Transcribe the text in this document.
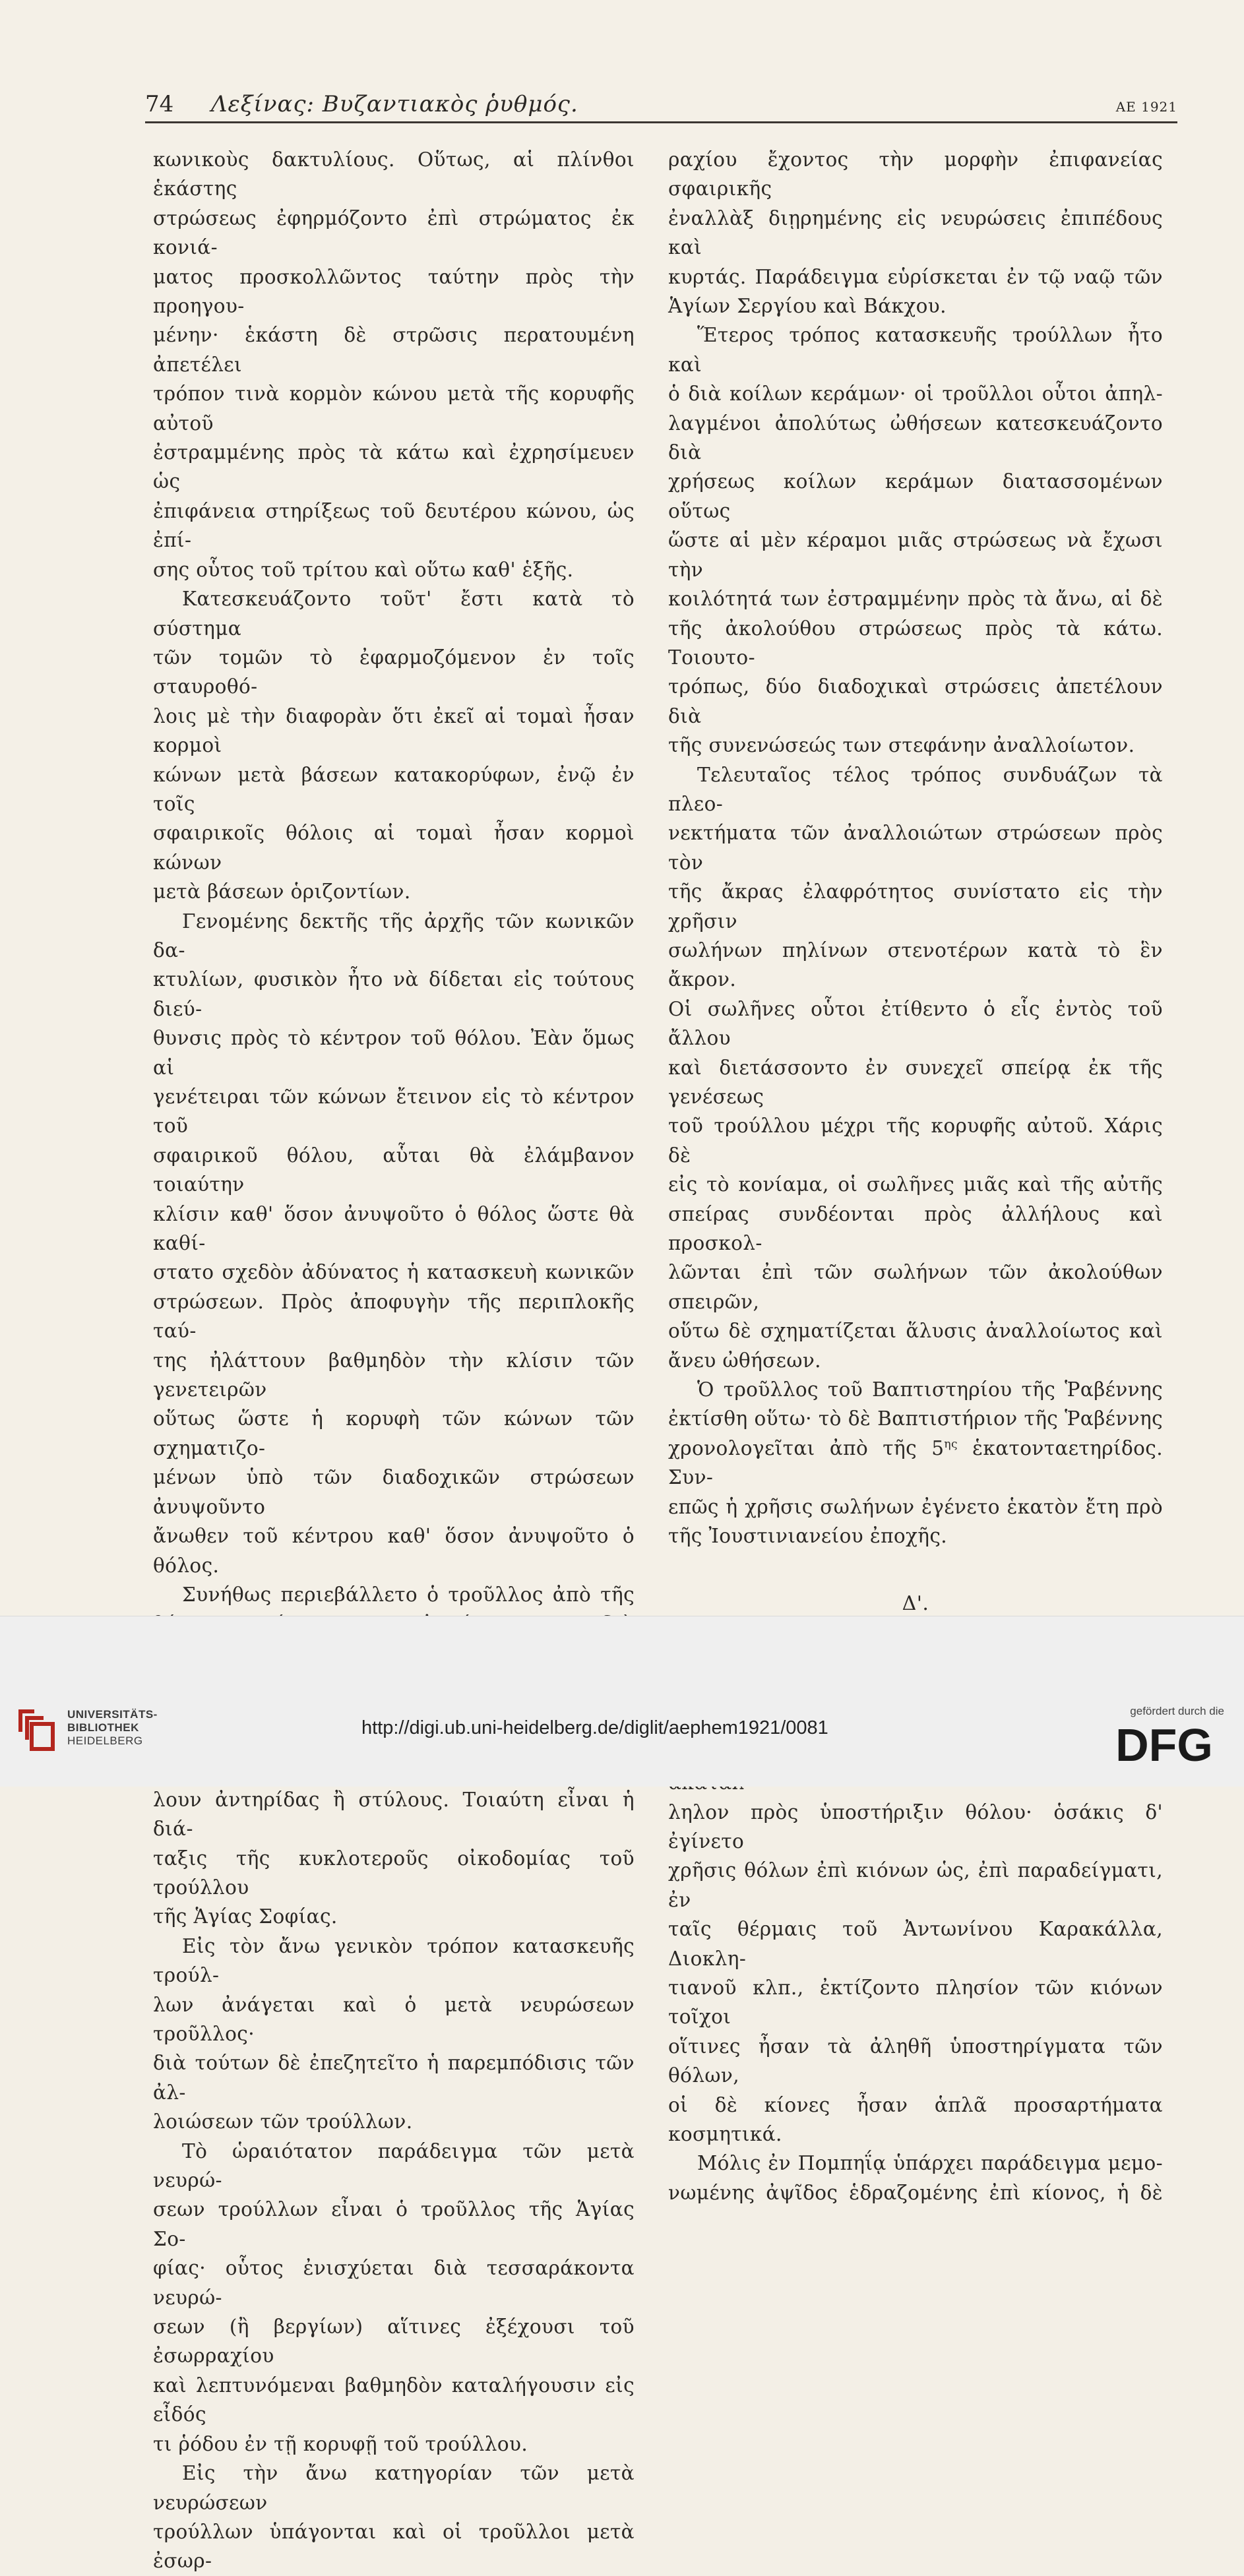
74 Λεξίνας: Βυζαντιακὸς ῥυθμός.	ΑΕ 1921

κωνικοὺς δακτυλίους. Οὕτως, αἱ πλίνθοι ἑκάστης

στρώσεως ἐφηρμόζοντο ἐπὶ στρώματος ἐκ κονιά-

ματος προσκολλῶντος ταύτην πρὸς τὴν προηγου-

μένην· ἑκάστη δὲ στρῶσις περατουμένη ἀπετέλει

τρόπον τινὰ κορμὸν κώνου μετὰ τῆς κορυφῆς αὐτοῦ

ἐστραμμένης πρὸς τὰ κάτω καὶ ἐχρησίμευεν ὡς

ἐπιφάνεια στηρίξεως τοῦ δευτέρου κώνου, ὡς ἐπί-

σης οὗτος τοῦ τρίτου καὶ οὕτω καθ' ἑξῆς.

Κατεσκευάζοντο τοῦτ' ἔστι κατὰ τὸ σύστημα

τῶν τομῶν τὸ ἐφαρμοζόμενον ἐν τοῖς σταυροθό-

λοις μὲ τὴν διαφορὰν ὅτι ἐκεῖ αἱ τομαὶ ἦσαν κορμοὶ

κώνων μετὰ βάσεων κατακορύφων, ἐνῷ ἐν τοῖς

σφαιρικοῖς θόλοις αἱ τομαὶ ἦσαν κορμοὶ κώνων

μετὰ βάσεων ὁριζοντίων.

Γενομένης δεκτῆς τῆς ἀρχῆς τῶν κωνικῶν δα-

κτυλίων, φυσικὸν ἦτο νὰ δίδεται εἰς τούτους διεύ-

θυνσις πρὸς τὸ κέντρον τοῦ θόλου. Ἐὰν ὅμως αἱ

γενέτειραι τῶν κώνων ἔτεινον εἰς τὸ κέντρον τοῦ

σφαιρικοῦ θόλου, αὗται θὰ ἐλάμβανον τοιαύτην

κλίσιν καθ' ὅσον ἀνυψοῦτο ὁ θόλος ὥστε θὰ καθί-

στατο σχεδὸν ἀδύνατος ἡ κατασκευὴ κωνικῶν

στρώσεων. Πρὸς ἀποφυγὴν τῆς περιπλοκῆς ταύ-

της ἠλάττουν βαθμηδὸν τὴν κλίσιν τῶν γενετειρῶν

οὕτως ὥστε ἡ κορυφὴ τῶν κώνων τῶν σχηματιζο-

μένων ὑπὸ τῶν διαδοχικῶν στρώσεων ἀνυψοῦντο

ἄνωθεν τοῦ κέντρου καθ' ὅσον ἀνυψοῦτο ὁ θόλος.

Συνήθως περιεβάλλετο ὁ τροῦλλος ἀπὸ τῆς

λουν ἀντηρίδας ἢ στύλους. Τοιαύτη εἶναι ἡ διά-

ταξις τῆς κυκλοτεροῦς οἰκοδομίας τοῦ τρούλλου

τῆς Ἁγίας Σοφίας.

Εἰς τὸν ἄνω γενικὸν τρόπον κατασκευῆς τρούλ-

λων ἀνάγεται καὶ ὁ μετὰ νευρώσεων τροῦλλος·

διὰ τούτων δὲ ἐπεζητεῖτο ἡ παρεμπόδισις τῶν ἀλ-

λοιώσεων τῶν τρούλλων.

Τὸ ὡραιότατον παράδειγμα τῶν μετὰ νευρώ-

σεων τρούλλων εἶναι ὁ τροῦλλος τῆς Ἁγίας Σο-

φίας· οὗτος ἐνισχύεται διὰ τεσσαράκοντα νευρώ-

σεων (ἢ βεργίων) αἵτινες ἐξέχουσι τοῦ ἐσωρραχίου

καὶ λεπτυνόμεναι βαθμηδὸν καταλήγουσιν εἰς εἶδός

τι ῥόδου ἐν τῇ κορυφῇ τοῦ τρούλλου.

Εἰς τὴν ἄνω κατηγορίαν τῶν μετὰ νευρώσεων

τρούλλων ὑπάγονται καὶ οἱ τροῦλλοι μετὰ ἐσωρ-

ραχίου ἔχοντος τὴν μορφὴν ἐπιφανείας σφαιρικῆς

ἐναλλὰξ διῃρημένης εἰς νευρώσεις ἐπιπέδους καὶ

κυρτάς. Παράδειγμα εὑρίσκεται ἐν τῷ ναῷ τῶν

Ἁγίων Σεργίου καὶ Βάκχου.

Ἕτερος τρόπος κατασκευῆς τρούλλων ἦτο καὶ

ὁ διὰ κοίλων κεράμων· οἱ τροῦλλοι οὗτοι ἀπηλ-

λαγμένοι ἀπολύτως ὠθήσεων κατεσκευάζοντο διὰ

χρήσεως κοίλων κεράμων διατασσομένων οὕτως

ὥστε αἱ μὲν κέραμοι μιᾶς στρώσεως νὰ ἔχωσι τὴν

κοιλότητά των ἐστραμμένην πρὸς τὰ ἄνω, αἱ δὲ

τῆς ἀκολούθου στρώσεως πρὸς τὰ κάτω. Τοιουτο-

τρόπως, δύο διαδοχικαὶ στρώσεις ἀπετέλουν διὰ

τῆς συνενώσεώς των στεφάνην ἀναλλοίωτον.

Τελευταῖος τέλος τρόπος συνδυάζων τὰ πλεο-

νεκτήματα τῶν ἀναλλοιώτων στρώσεων πρὸς τὸν

τῆς ἄκρας ἐλαφρότητος συνίστατο εἰς τὴν χρῆσιν

σωλήνων πηλίνων στενοτέρων κατὰ τὸ ἓν ἄκρον.

Οἱ σωλῆνες οὗτοι ἐτίθεντο ὁ εἷς ἐντὸς τοῦ ἄλλου

καὶ διετάσσοντο ἐν συνεχεῖ σπείρᾳ ἐκ τῆς γενέσεως

τοῦ τρούλλου μέχρι τῆς κορυφῆς αὐτοῦ. Χάρις δὲ

εἰς τὸ κονίαμα, οἱ σωλῆνες μιᾶς καὶ τῆς αὐτῆς

σπείρας συνδέονται πρὸς ἀλλήλους καὶ προσκολ-

λῶνται ἐπὶ τῶν σωλήνων τῶν ἀκολούθων σπειρῶν,

οὕτω δὲ σχηματίζεται ἅλυσις ἀναλλοίωτος καὶ

ἄνευ ὠθήσεων.

Ὁ τροῦλλος τοῦ Βαπτιστηρίου τῆς Ῥαβέννης

ἐκτίσθη οὕτω· τὸ δὲ Βαπτιστήριον τῆς Ῥαβέννης

χρονολογεῖται ἀπὸ τῆς $5^{\eta\varsigma}$ ἑκατονταετηρίδος. Συν-

επῶς ἡ χρῆσις σωλήνων ἐγένετο ἑκατὸν ἔτη πρὸ

τῆς Ἰουστινιανείου ἐποχῆς.

Δ'.

ληλον πρὸς ὑποστήριξιν θόλου· ὁσάκις δ' ἐγίνετο

χρῆσις θόλων ἐπὶ κιόνων ὡς, ἐπὶ παραδείγματι, ἐν

ταῖς θέρμαις τοῦ Ἀντωνίνου Καρακάλλα, Διοκλη-

τιανοῦ κλπ., ἐκτίζοντο πλησίον τῶν κιόνων τοῖχοι

οἵτινες ἦσαν τὰ ἀληθῆ ὑποστηρίγματα τῶν θόλων,

οἱ δὲ κίονες ἦσαν ἁπλᾶ προσαρτήματα κοσμητικά.

Μόλις ἐν Πομπηΐᾳ ὑπάρχει παράδειγμα μεμο-

νωμένης ἀψῖδος ἑδραζομένης ἐπὶ κίονος, ἡ δὲ

UNIVERSITÄTS-
BIBLIOTHEK
HEIDELBERG
http://digi.ub.uni-heidelberg.de/diglit/aephem1921/0081
gefördert durch die
DFG
